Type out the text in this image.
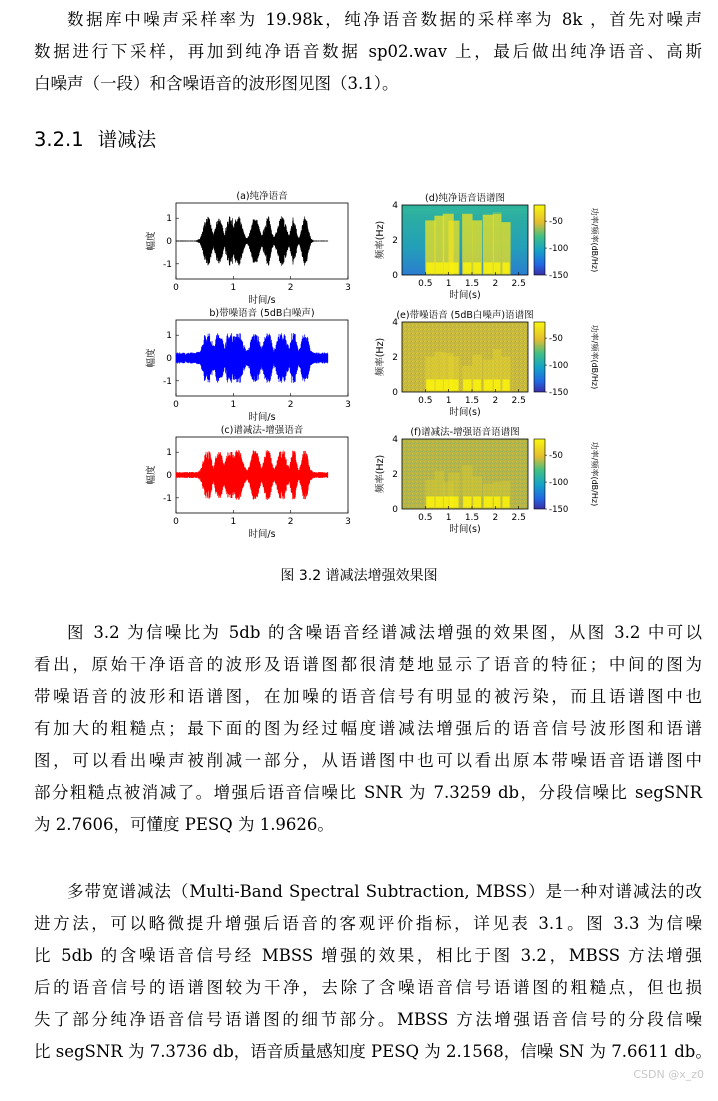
数据库中噪声采样率为 19.98k，纯净语音数据的采样率为 8k ，首先对噪声
数据进行下采样，再加到纯净语音数据 sp02.wav 上，最后做出纯净语音、高斯
白噪声（一段）和含噪语音的波形图见图（3.1）。
3.2.1 谱减法
(a)纯净语音
1
0
-1
0	1	2	3
时间/s
幅度
b)带噪语音 (5dB白噪声)
1
0
-1
0	1	2	3
时间/s
幅度
(c)谱减法-增强语音
1
0
-1
0	1	2	3
时间/s
幅度
(d)纯净语音语谱图
4
2
0
0.5 1 1.5 2 2.5
时间(s)
频率(Hz)	-50
-100
-150
功率/频率(dB/Hz)
(e)带噪语音 (5dB白噪声)语谱图
4
2
0
0.5 1 1.5 2 2.5
时间(s)
频率(Hz)	-50
-100
-150
功率/频率(dB/Hz)
(f)谱减法-增强语音语谱图
4
2
0
0.5 1 1.5 2 2.5
时间(s)
频率(Hz)	-50
-100
-150
功率/频率(dB/Hz)
图 3.2 谱减法增强效果图
图 3.2 为信噪比为 5db 的含噪语音经谱减法增强的效果图，从图 3.2 中可以
看出，原始干净语音的波形及语谱图都很清楚地显示了语音的特征；中间的图为
带噪语音的波形和语谱图，在加噪的语音信号有明显的被污染，而且语谱图中也
有加大的粗糙点；最下面的图为经过幅度谱减法增强后的语音信号波形图和语谱
图，可以看出噪声被削减一部分，从语谱图中也可以看出原本带噪语音语谱图中
部分粗糙点被消减了。增强后语音信噪比 SNR 为 7.3259 db，分段信噪比 segSNR
为 2.7606，可懂度 PESQ 为 1.9626。
多带宽谱减法（Multi-Band Spectral Subtraction, MBSS）是一种对谱减法的改
进方法，可以略微提升增强后语音的客观评价指标，详见表 3.1。图 3.3 为信噪
比 5db 的含噪语音信号经 MBSS 增强的效果，相比于图 3.2，MBSS 方法增强
后的语音信号的语谱图较为干净，去除了含噪语音信号语谱图的粗糙点，但也损
失了部分纯净语音信号语谱图的细节部分。MBSS 方法增强语音信号的分段信噪
比 segSNR 为 7.3736 db，语音质量感知度 PESQ 为 2.1568，信噪 SN 为 7.6611 db。
CSDN @x_z0
